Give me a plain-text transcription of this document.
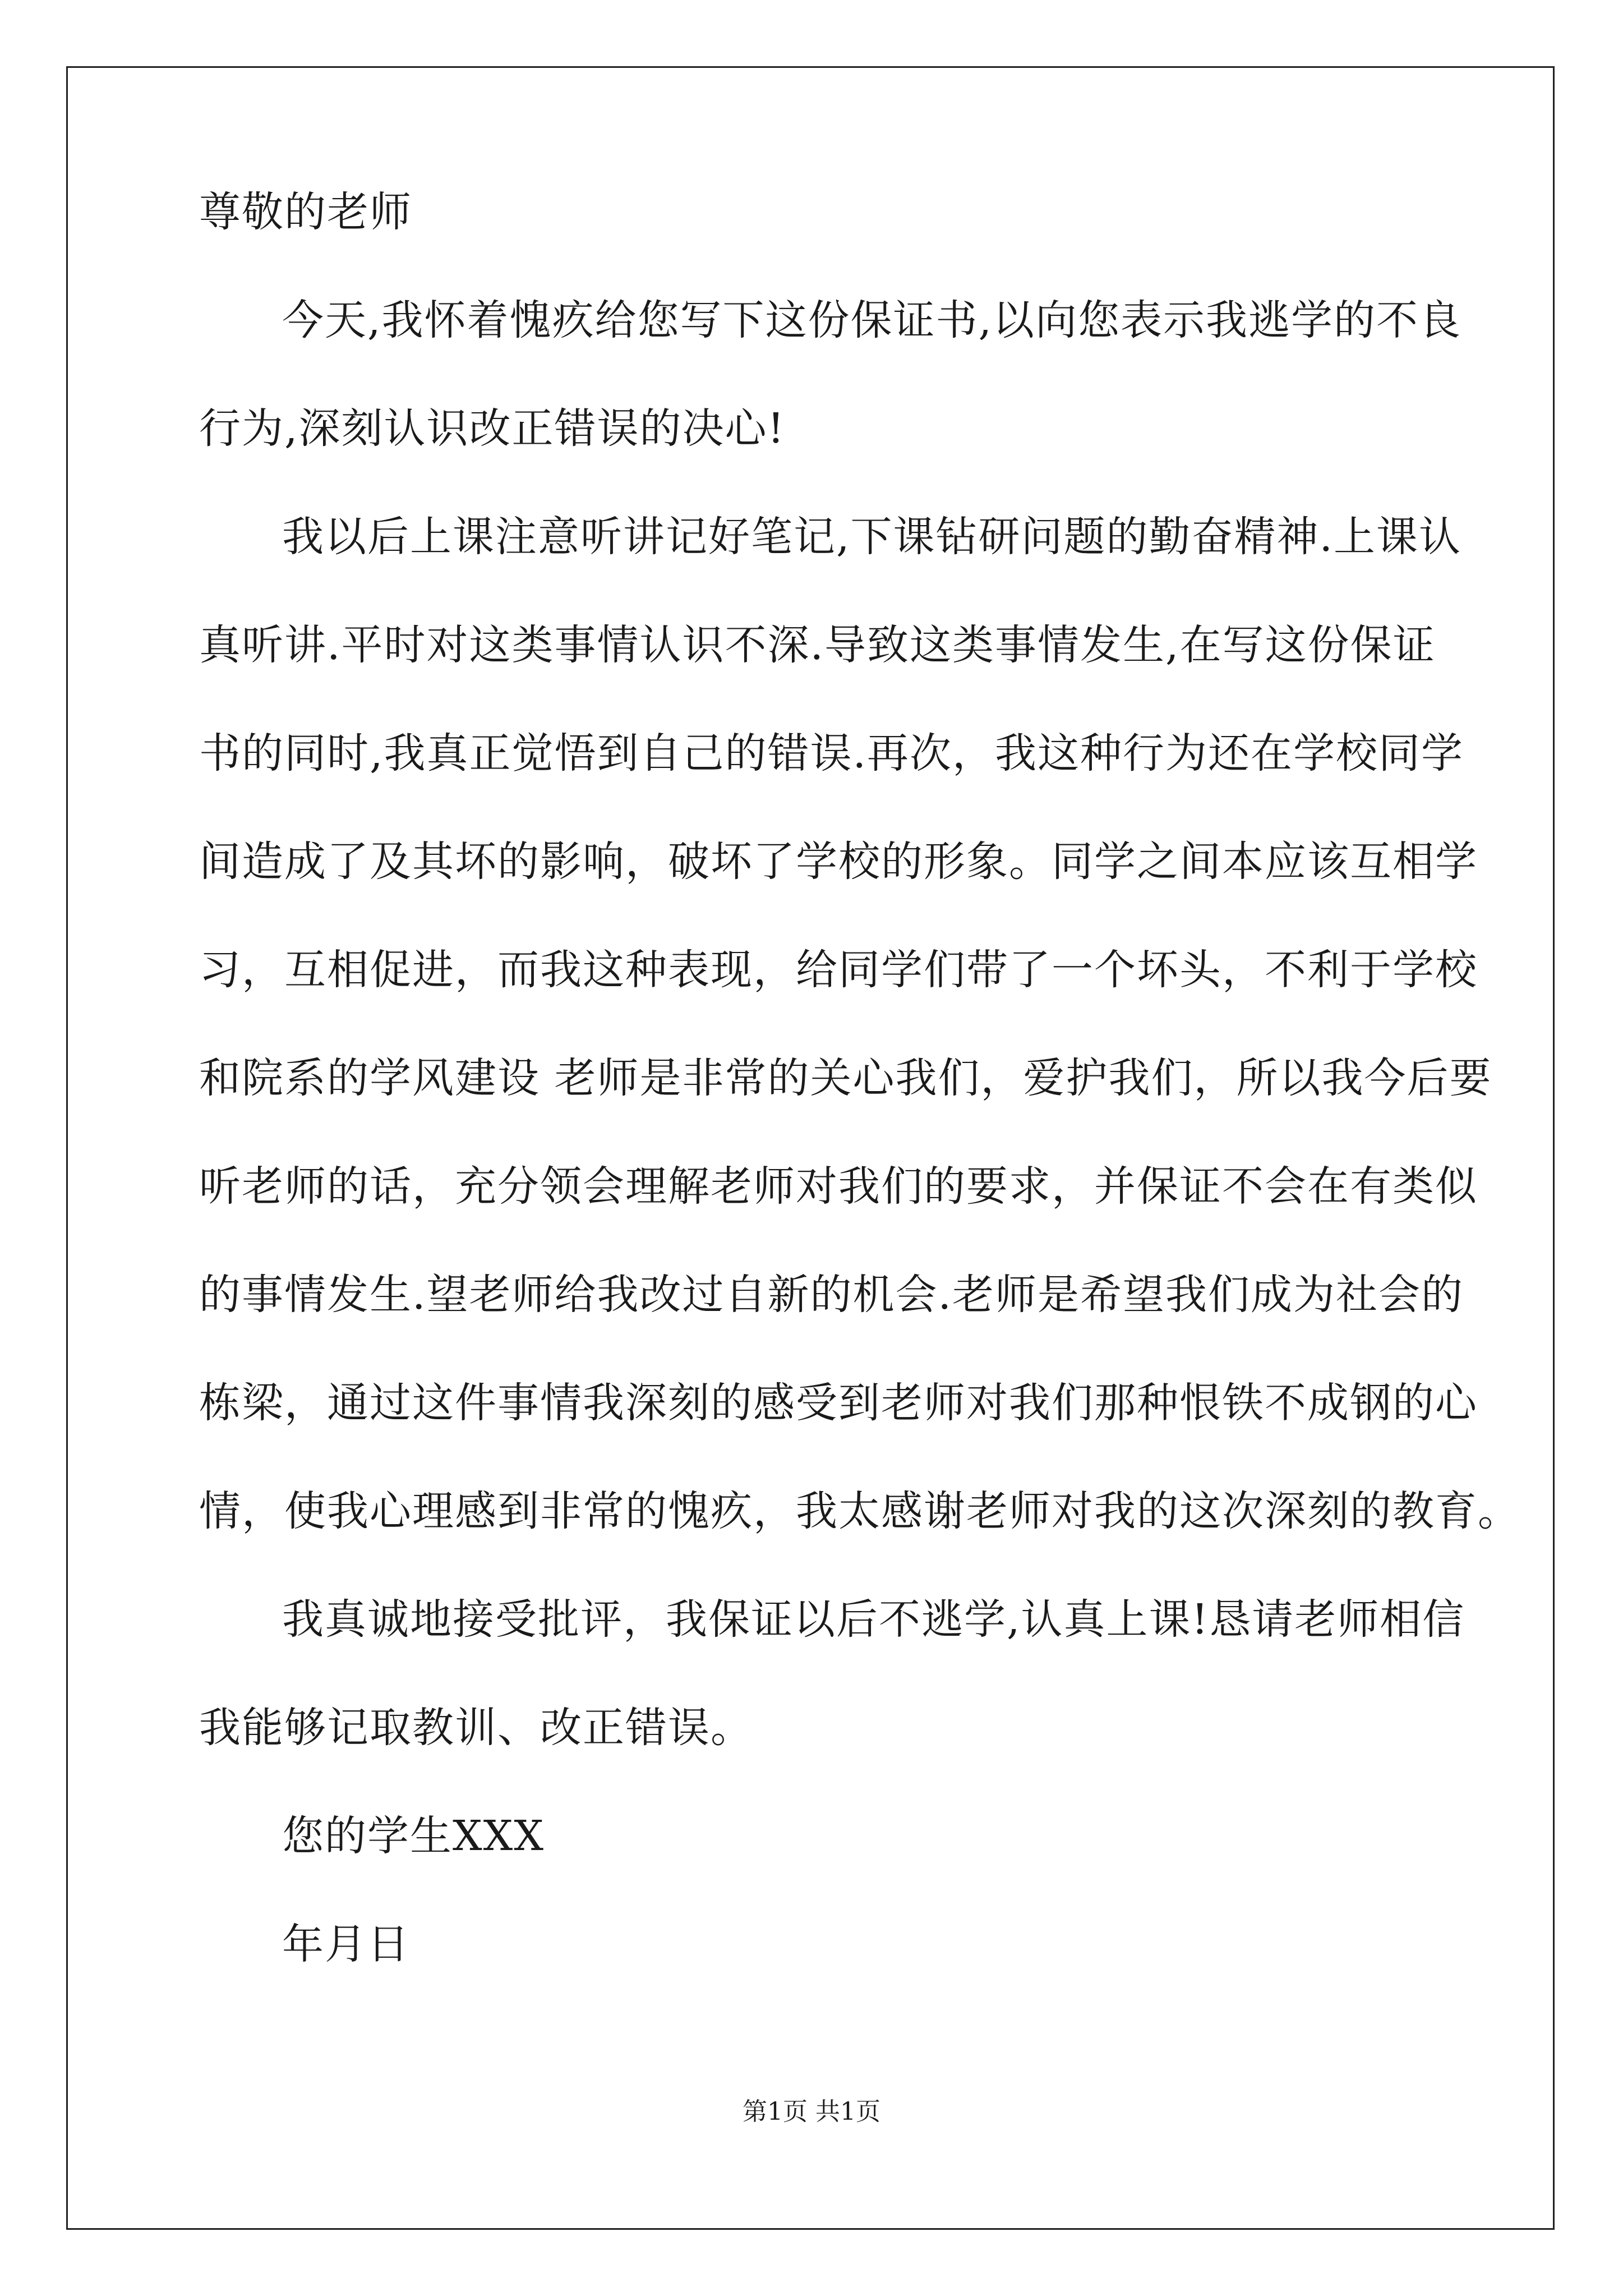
尊敬的老师
今天,我怀着愧疚给您写下这份保证书,以向您表示我逃学的不良
行为,深刻认识改正错误的决心!
我以后上课注意听讲记好笔记,下课钻研问题的勤奋精神.上课认
真听讲.平时对这类事情认识不深.导致这类事情发生,在写这份保证
书的同时,我真正觉悟到自己的错误.再次，我这种行为还在学校同学
间造成了及其坏的影响，破坏了学校的形象。同学之间本应该互相学
习，互相促进，而我这种表现，给同学们带了一个坏头，不利于学校
和院系的学风建设 老师是非常的关心我们，爱护我们，所以我今后要
听老师的话，充分领会理解老师对我们的要求，并保证不会在有类似
的事情发生.望老师给我改过自新的机会.老师是希望我们成为社会的
栋梁，通过这件事情我深刻的感受到老师对我们那种恨铁不成钢的心
情，使我心理感到非常的愧疚，我太感谢老师对我的这次深刻的教育。
我真诚地接受批评，我保证以后不逃学,认真上课!恳请老师相信
我能够记取教训、改正错误。
您的学生XXX
年月日
第1页 共1页
